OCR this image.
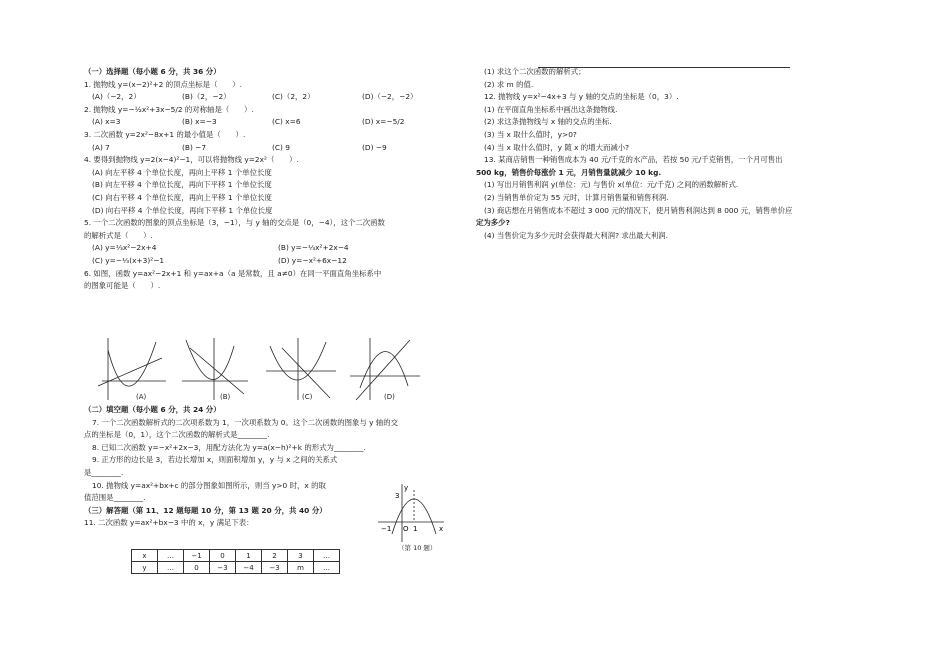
（一）选择题（每小题 6 分，共 36 分）
1. 抛物线 y=(x−2)²+2 的顶点坐标是（　　）.
(A)（−2，2）	(B)（2，−2）	(C)（2，2）	(D)（−2，−2）
2. 抛物线 y=−½x²+3x−5/2 的对称轴是（　　）.
(A) x=3	(B) x=−3	(C) x=6	(D) x=−5/2
3. 二次函数 y=2x²−8x+1 的最小值是（　　）.
(A) 7	(B) −7	(C) 9	(D) −9
4. 要得到抛物线 y=2(x−4)²−1，可以将抛物线 y=2x²（　　）.
(A) 向左平移 4 个单位长度，再向上平移 1 个单位长度
(B) 向左平移 4 个单位长度，再向下平移 1 个单位长度
(C) 向右平移 4 个单位长度，再向上平移 1 个单位长度
(D) 向右平移 4 个单位长度，再向下平移 1 个单位长度
5. 一个二次函数的图象的顶点坐标是（3，−1），与 y 轴的交点是（0，−4），这个二次函数
的解析式是（　　）.
(A) y=⅓x²−2x+4	(B) y=−⅓x²+2x−4
(C) y=−⅓(x+3)²−1	(D) y=−x²+6x−12
6. 如图，函数 y=ax²−2x+1 和 y=ax+a（a 是常数，且 a≠0）在同一平面直角坐标系中
的图象可能是（　　）.
(A)	(B)	(C)	(D)
（二）填空题（每小题 6 分，共 24 分）
7. 一个二次函数解析式的二次项系数为 1，一次项系数为 0。这个二次函数的图象与 y 轴的交
点的坐标是（0，1），这个二次函数的解析式是________.
8. 已知二次函数 y=−x²+2x−3，用配方法化为 y=a(x−h)²+k 的形式为________.
9. 正方形的边长是 3，若边长增加 x，则面积增加 y，y 与 x 之间的关系式
是________.
10. 抛物线 y=ax²+bx+c 的部分图象如图所示，则当 y>0 时，x 的取
值范围是________.
（三）解答题（第 11、12 题每题 10 分，第 13 题 20 分，共 40 分）
11. 二次函数 y=ax²+bx−3 中的 x，y 满足下表：
y
3
−1 O 1	x
（第 10 题）
x	…	−1	0	1	2	3	…
y	…	0	−3	−4	−3	m	…
(1) 求这个二次函数的解析式；
(2) 求 m 的值.
12. 抛物线 y=x²−4x+3 与 y 轴的交点的坐标是（0，3）.
(1) 在平面直角坐标系中画出这条抛物线.
(2) 求这条抛物线与 x 轴的交点的坐标.
(3) 当 x 取什么值时，y>0?
(4) 当 x 取什么值时，y 随 x 的增大而减小?
13. 某商店销售一种销售成本为 40 元/千克的水产品，若按 50 元/千克销售，一个月可售出
500 kg，销售价每涨价 1 元，月销售量就减少 10 kg.
(1) 写出月销售利润 y(单位：元) 与售价 x(单位：元/千克) 之间的函数解析式.
(2) 当销售单价定为 55 元时，计算月销售量和销售利润.
(3) 商店想在月销售成本不超过 3 000 元的情况下，使月销售利润达到 8 000 元，销售单价应
定为多少?
(4) 当售价定为多少元时会获得最大利润? 求出最大利润.
